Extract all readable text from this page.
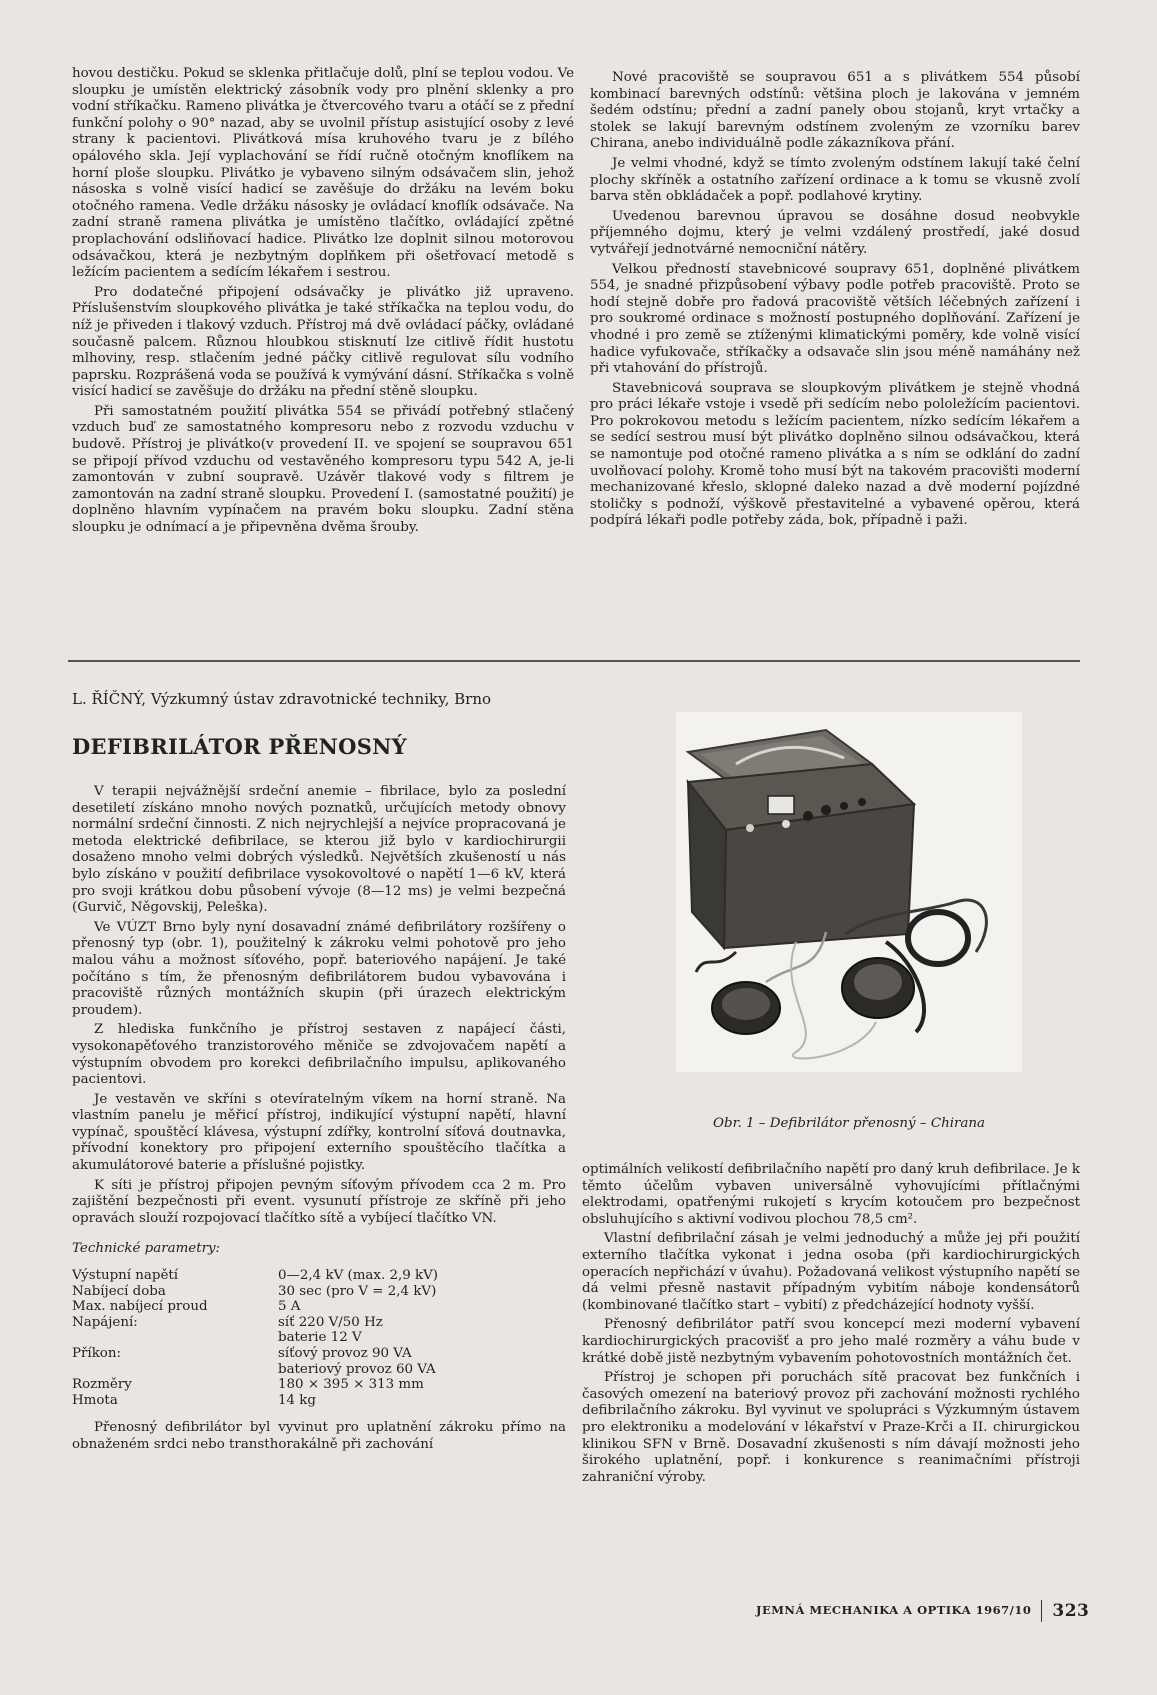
hovou destičku. Pokud se sklenka přitlačuje dolů, plní se teplou vodou. Ve sloupku je umístěn elektrický zásobník vody pro plnění sklenky a pro vodní stříkačku. Rameno plivátka je čtvercového tvaru a otáčí se z přední funkční polohy o 90° nazad, aby se uvolnil přístup asistující osoby z levé strany k pacientovi. Plivátková mísa kruhového tvaru je z bílého opálového skla. Její vyplachování se řídí ručně otočným knoflíkem na horní ploše sloupku. Plivátko je vybaveno silným odsávačem slin, jehož násoska s volně visící hadicí se zavěšuje do držáku na levém boku otočného ramena. Vedle držáku násosky je ovládací knoflík odsávače. Na zadní straně ramena plivátka je umístěno tlačítko, ovládající zpětné proplachování odsliňovací hadice. Plivátko lze doplnit silnou motorovou odsávačkou, která je nezbytným doplňkem při ošetřovací metodě s ležícím pacientem a sedícím lékařem i sestrou.

Pro dodatečné připojení odsávačky je plivátko již upraveno. Příslušenstvím sloupkového plivátka je také stříkačka na teplou vodu, do níž je přiveden i tlakový vzduch. Přístroj má dvě ovládací páčky, ovládané současně palcem. Různou hloubkou stisknutí lze citlivě řídit hustotu mlhoviny, resp. stlačením jedné páčky citlivě regulovat sílu vodního paprsku. Rozprášená voda se používá k vymývání dásní. Stříkačka s volně visící hadicí se zavěšuje do držáku na přední stěně sloupku.

Při samostatném použití plivátka 554 se přivádí potřebný stlačený vzduch buď ze samostatného kompresoru nebo z rozvodu vzduchu v budově. Přístroj je plivátko(v provedení II. ve spojení se soupravou 651 se připojí přívod vzduchu od vestavěného kompresoru typu 542 A, je-li zamontován v zubní soupravě. Uzávěr tlakové vody s filtrem je zamontován na zadní straně sloupku. Provedení I. (samostatné použití) je doplněno hlavním vypínačem na pravém boku sloupku. Zadní stěna sloupku je odnímací a je připevněna dvěma šrouby.

Nové pracoviště se soupravou 651 a s plivátkem 554 působí kombinací barevných odstínů: většina ploch je lakována v jemném šedém odstínu; přední a zadní panely obou stojanů, kryt vrtačky a stolek se lakují barevným odstínem zvoleným ze vzorníku barev Chirana, anebo individuálně podle zákazníkova přání.

Je velmi vhodné, když se tímto zvoleným odstínem lakují také čelní plochy skříněk a ostatního zařízení ordinace a k tomu se vkusně zvolí barva stěn obkládaček a popř. podlahové krytiny.

Uvedenou barevnou úpravou se dosáhne dosud neobvykle příjemného dojmu, který je velmi vzdálený prostředí, jaké dosud vytvářejí jednotvárné nemocniční nátěry.

Velkou předností stavebnicové soupravy 651, doplněné plivátkem 554, je snadné přizpůsobení výbavy podle potřeb pracoviště. Proto se hodí stejně dobře pro řadová pracoviště větších léčebných zařízení i pro soukromé ordinace s možností postupného doplňování. Zařízení je vhodné i pro země se ztíženými klimatickými poměry, kde volně visící hadice vyfukovače, stříkačky a odsavače slin jsou méně namáhány než při vtahování do přístrojů.

Stavebnicová souprava se sloupkovým plivátkem je stejně vhodná pro práci lékaře vstoje i vsedě při sedícím nebo pololežícím pacientovi. Pro pokrokovou metodu s ležícím pacientem, nízko sedícím lékařem a se sedící sestrou musí být plivátko doplněno silnou odsávačkou, která se namontuje pod otočné rameno plivátka a s ním se odklání do zadní uvolňovací polohy. Kromě toho musí být na takovém pracovišti moderní mechanizované křeslo, sklopné daleko nazad a dvě moderní pojízdné stoličky s podnoží, výškově přestavitelné a vybavené opěrou, která podpírá lékaři podle potřeby záda, bok, případně i paži.

L. ŘÍČNÝ, Výzkumný ústav zdravotnické techniky, Brno
DEFIBRILÁTOR PŘENOSNÝ

V terapii nejvážnější srdeční anemie – fibrilace, bylo za poslední desetiletí získáno mnoho nových poznatků, určujících metody obnovy normální srdeční činnosti. Z nich nejrychlejší a nejvíce propracovaná je metoda elektrické defibrilace, se kterou již bylo v kardiochirurgii dosaženo mnoho velmi dobrých výsledků. Největších zkušeností u nás bylo získáno v použití defibrilace vysokovoltové o napětí 1—6 kV, která pro svoji krátkou dobu působení vývoje (8—12 ms) je velmi bezpečná (Gurvič, Něgovskij, Peleška).

Ve VÚZT Brno byly nyní dosavadní známé defibrilátory rozšířeny o přenosný typ (obr. 1), použitelný k zákroku velmi pohotově pro jeho malou váhu a možnost síťového, popř. bateriového napájení. Je také počítáno s tím, že přenosným defibrilátorem budou vybavována i pracoviště různých montážních skupin (při úrazech elektrickým proudem).

Z hlediska funkčního je přístroj sestaven z napájecí části, vysokonapěťového tranzistorového měniče se zdvojovačem napětí a výstupním obvodem pro korekci defibrilačního impulsu, aplikovaného pacientovi.

Je vestavěn ve skříni s otevíratelným víkem na horní straně. Na vlastním panelu je měřicí přístroj, indikující výstupní napětí, hlavní vypínač, spouštěcí klávesa, výstupní zdířky, kontrolní síťová doutnavka, přívodní konektory pro připojení externího spouštěcího tlačítka a akumulátorové baterie a příslušné pojistky.

K síti je přístroj připojen pevným síťovým přívodem cca 2 m. Pro zajištění bezpečnosti při event. vysunutí přístroje ze skříně při jeho opravách slouží rozpojovací tlačítko sítě a vybíjecí tlačítko VN.

Technické parametry:
Výstupní napětí	0—2,4 kV (max. 2,9 kV)
Nabíjecí doba	30 sec (pro V = 2,4 kV)
Max. nabíjecí proud	5 A
Napájení:	síť 220 V/50 Hz
	baterie 12 V
Příkon:	síťový provoz 90 VA
	bateriový provoz 60 VA
Rozměry	180 × 395 × 313 mm
Hmota	14 kg

Přenosný defibrilátor byl vyvinut pro uplatnění zákroku přímo na obnaženém srdci nebo transthorakálně při zachování

Obr. 1 – Defibrilátor přenosný – Chirana

optimálních velikostí defibrilačního napětí pro daný kruh defibrilace. Je k těmto účelům vybaven universálně vyhovujícími přítlačnými elektrodami, opatřenými rukojetí s krycím kotoučem pro bezpečnost obsluhujícího s aktivní vodivou plochou 78,5 cm².

Vlastní defibrilační zásah je velmi jednoduchý a může jej při použití externího tlačítka vykonat i jedna osoba (při kardiochirurgických operacích nepřichází v úvahu). Požadovaná velikost výstupního napětí se dá velmi přesně nastavit případným vybitím náboje kondensátorů (kombinované tlačítko start – vybití) z předcházející hodnoty vyšší.

Přenosný defibrilátor patří svou koncepcí mezi moderní vybavení kardiochirurgických pracovišť a pro jeho malé rozměry a váhu bude v krátké době jistě nezbytným vybavením pohotovostních montážních čet.

Přístroj je schopen při poruchách sítě pracovat bez funkčních i časových omezení na bateriový provoz při zachování možnosti rychlého defibrilačního zákroku. Byl vyvinut ve spolupráci s Výzkumným ústavem pro elektroniku a modelování v lékařství v Praze-Krči a II. chirurgickou klinikou SFN v Brně. Dosavadní zkušenosti s ním dávají možnosti jeho širokého uplatnění, popř. i konkurence s reanimačními přístroji zahraniční výroby.

JEMNÁ MECHANIKA A OPTIKA 1967/10 323
